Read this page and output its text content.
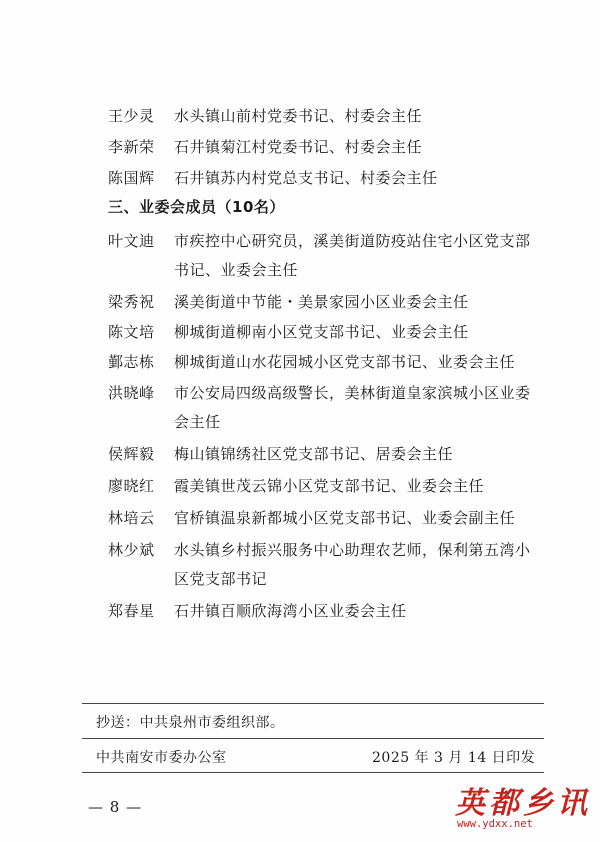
王少灵	水头镇山前村党委书记、村委会主任
李新荣	石井镇菊江村党委书记、村委会主任
陈国辉	石井镇苏内村党总支书记、村委会主任
三、业委会成员（10名）
叶文迪	市疾控中心研究员，溪美街道防疫站住宅小区党支部书记、业委会主任
梁秀祝	溪美街道中节能・美景家园小区业委会主任
陈文培	柳城街道柳南小区党支部书记、业委会主任
鄞志栋	柳城街道山水花园城小区党支部书记、业委会主任
洪晓峰	市公安局四级高级警长，美林街道皇家滨城小区业委会主任
侯辉毅	梅山镇锦绣社区党支部书记、居委会主任
廖晓红	霞美镇世茂云锦小区党支部书记、业委会主任
林培云	官桥镇温泉新都城小区党支部书记、业委会副主任
林少斌	水头镇乡村振兴服务中心助理农艺师，保利第五湾小区党支部书记
郑春星	石井镇百顺欣海湾小区业委会主任
抄送：中共泉州市委组织部。
中共南安市委办公室	2025 年 3 月 14 日印发
— 8 —	英都乡讯
www.ydxx.net
